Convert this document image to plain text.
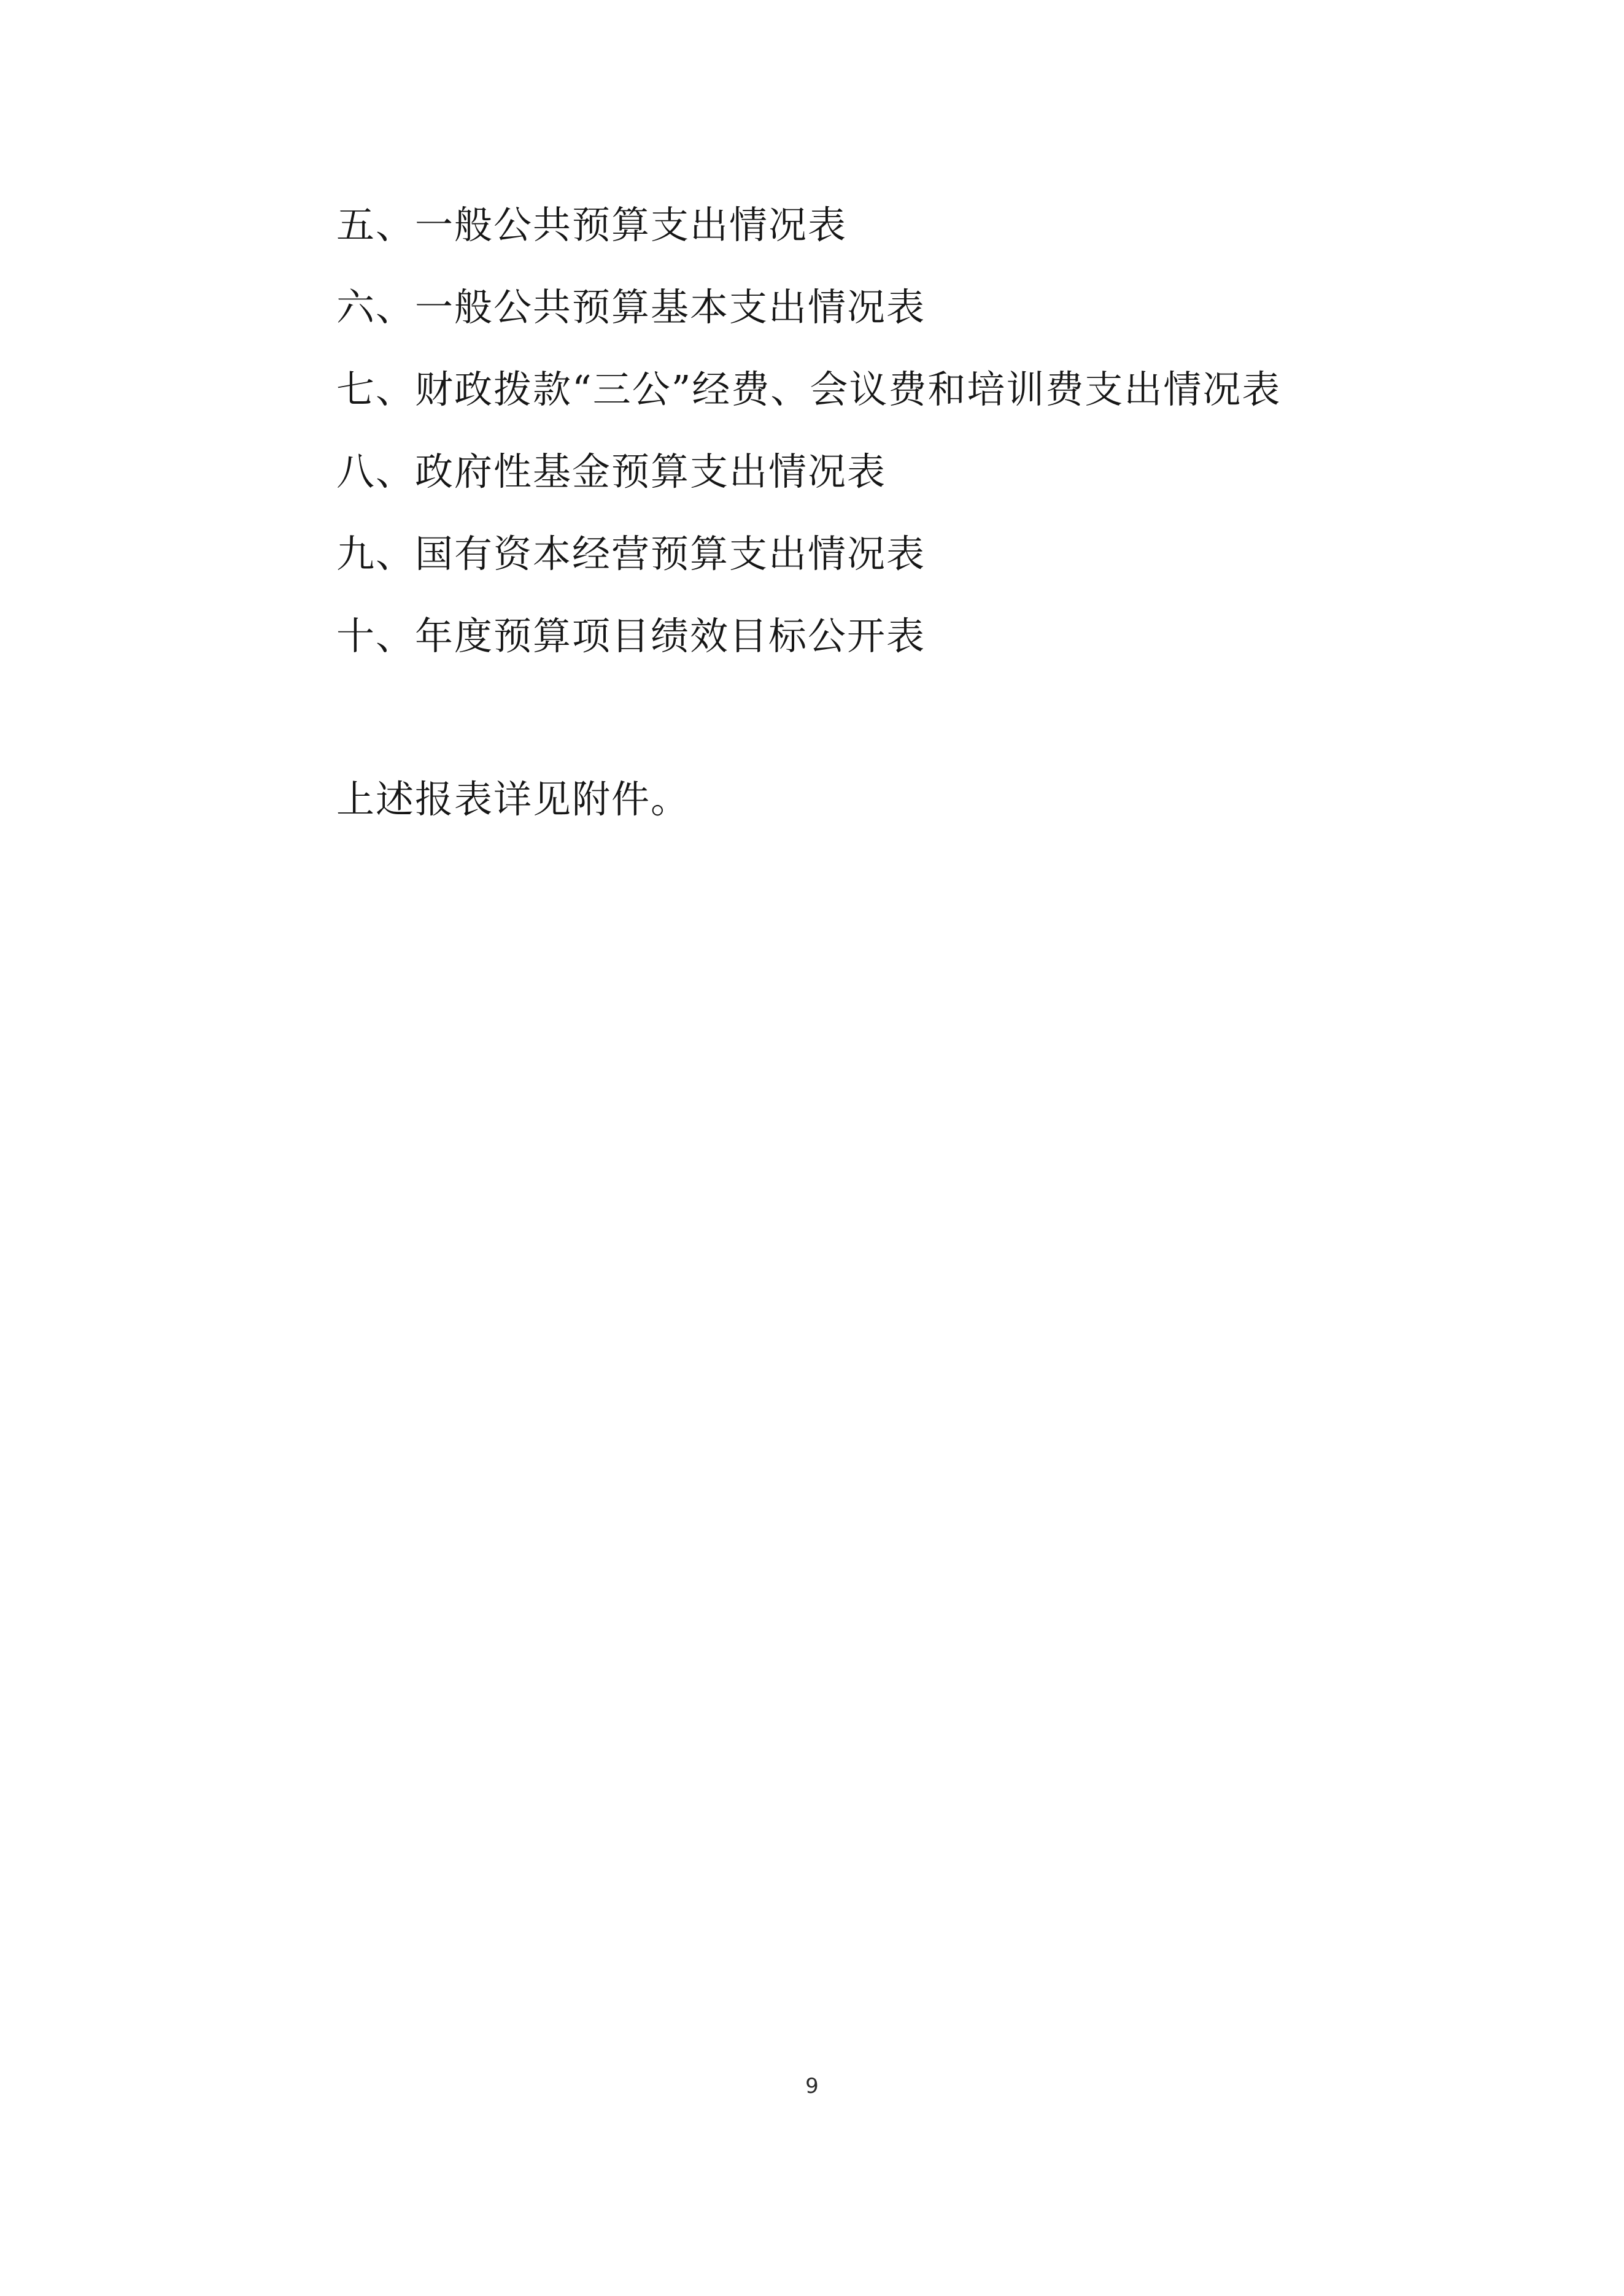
五、一般公共预算支出情况表
六、一般公共预算基本支出情况表
七、财政拨款“三公”经费、会议费和培训费支出情况表
八、政府性基金预算支出情况表
九、国有资本经营预算支出情况表
十、年度预算项目绩效目标公开表
上述报表详见附件。
9
